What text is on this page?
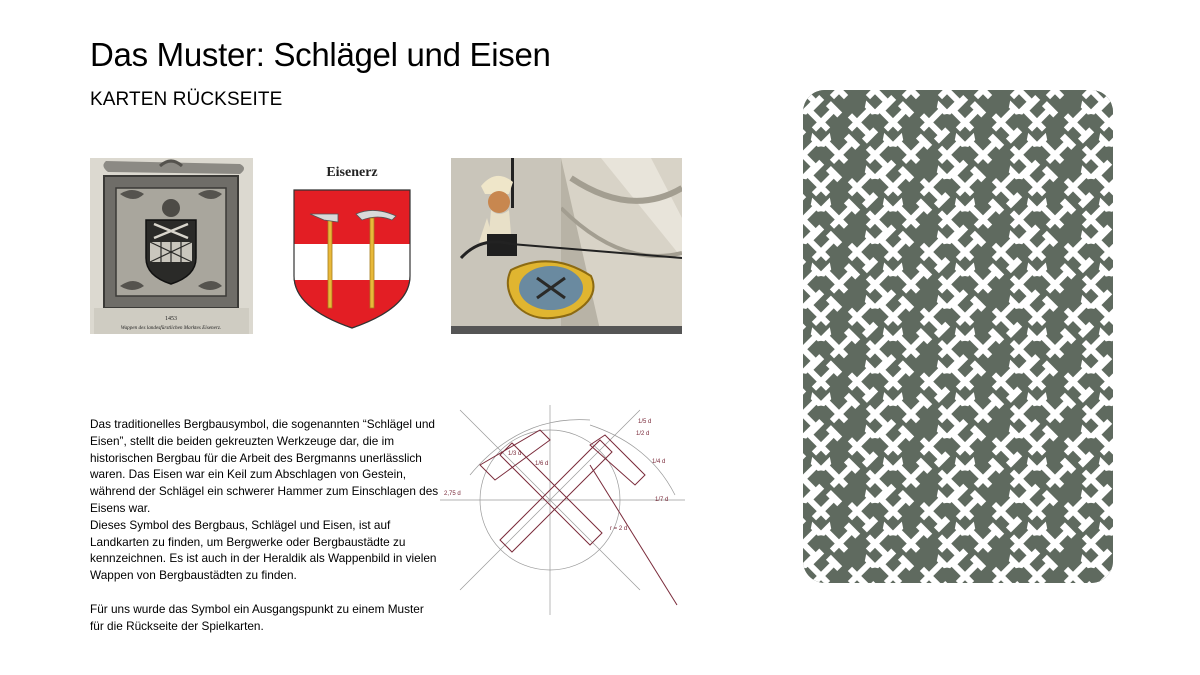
Das Muster: Schlägel und Eisen
KARTEN RÜCKSEITE
1453
Wappen des landesfürstlichen Marktes Eisenerz.
Eisenerz

Das traditionelles Bergbausymbol, die sogenannten “Schlägel und Eisen”, stellt die beiden gekreuzten Werkzeuge dar, die im historischen Bergbau für die Arbeit des Bergmanns unerlässlich waren. Das Eisen war ein Keil zum Abschlagen von Gestein, während der Schlägel ein schwerer Hammer zum Einschlagen des Eisens war.

Dieses Symbol des Bergbaus, Schlägel und Eisen, ist auf Landkarten zu finden, um Bergwerke oder Bergbaustädte zu kennzeichnen. Es ist auch in der Heraldik als Wappenbild in vielen Wappen von Bergbaustädten zu finden.

Für uns wurde das Symbol ein Ausgangspunkt zu einem Muster für die Rückseite der Spielkarten.

1/5 d
1/6 d
1/3 d
1/4 d
1/2 d
2,75 d
1/7 d
r = 2 d
